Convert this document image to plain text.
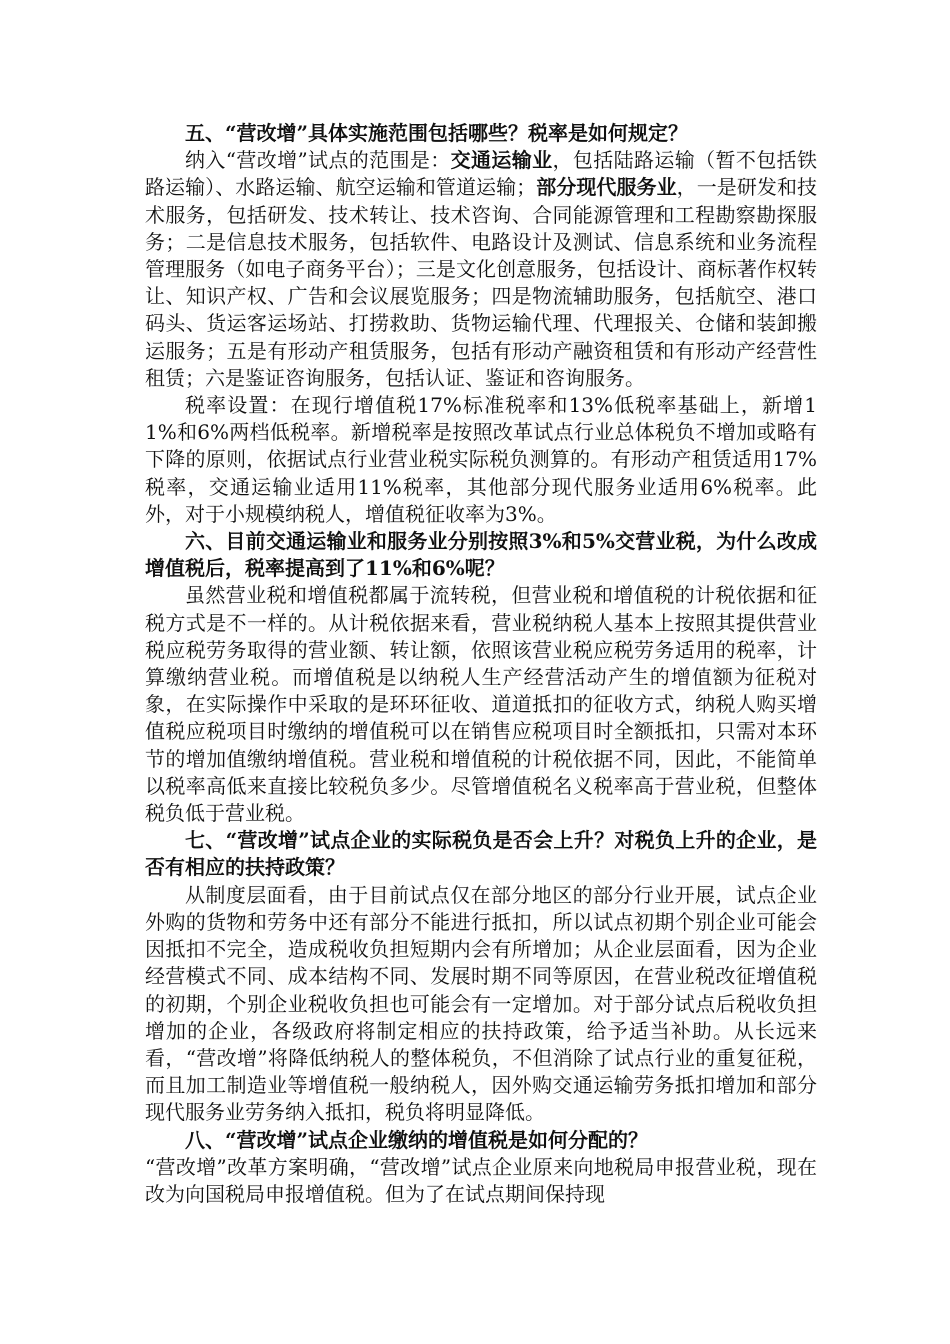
五、“营改增”具体实施范围包括哪些？税率是如何规定？

纳入“营改增”试点的范围是：交通运输业，包括陆路运输（暂不包括铁路运输）、水路运输、航空运输和管道运输；部分现代服务业，一是研发和技术服务，包括研发、技术转让、技术咨询、合同能源管理和工程勘察勘探服务；二是信息技术服务，包括软件、电路设计及测试、信息系统和业务流程管理服务（如电子商务平台）；三是文化创意服务，包括设计、商标著作权转让、知识产权、广告和会议展览服务；四是物流辅助服务，包括航空、港口码头、货运客运场站、打捞救助、货物运输代理、代理报关、仓储和装卸搬运服务；五是有形动产租赁服务，包括有形动产融资租赁和有形动产经营性租赁；六是鉴证咨询服务，包括认证、鉴证和咨询服务。

税率设置：在现行增值税17%标准税率和13%低税率基础上，新增11%和6%两档低税率。新增税率是按照改革试点行业总体税负不增加或略有下降的原则，依据试点行业营业税实际税负测算的。有形动产租赁适用17%税率，交通运输业适用11%税率，其他部分现代服务业适用6%税率。此外，对于小规模纳税人，增值税征收率为3%。

六、目前交通运输业和服务业分别按照3%和5%交营业税，为什么改成增值税后，税率提高到了11%和6%呢？

虽然营业税和增值税都属于流转税，但营业税和增值税的计税依据和征税方式是不一样的。从计税依据来看，营业税纳税人基本上按照其提供营业税应税劳务取得的营业额、转让额，依照该营业税应税劳务适用的税率，计算缴纳营业税。而增值税是以纳税人生产经营活动产生的增值额为征税对象，在实际操作中采取的是环环征收、道道抵扣的征收方式，纳税人购买增值税应税项目时缴纳的增值税可以在销售应税项目时全额抵扣，只需对本环节的增加值缴纳增值税。营业税和增值税的计税依据不同，因此，不能简单以税率高低来直接比较税负多少。尽管增值税名义税率高于营业税，但整体税负低于营业税。

七、“营改增”试点企业的实际税负是否会上升？对税负上升的企业，是否有相应的扶持政策？

从制度层面看，由于目前试点仅在部分地区的部分行业开展，试点企业外购的货物和劳务中还有部分不能进行抵扣，所以试点初期个别企业可能会因抵扣不完全，造成税收负担短期内会有所增加；从企业层面看，因为企业经营模式不同、成本结构不同、发展时期不同等原因，在营业税改征增值税的初期，个别企业税收负担也可能会有一定增加。对于部分试点后税收负担增加的企业，各级政府将制定相应的扶持政策，给予适当补助。从长远来看，“营改增”将降低纳税人的整体税负，不但消除了试点行业的重复征税，而且加工制造业等增值税一般纳税人，因外购交通运输劳务抵扣增加和部分现代服务业劳务纳入抵扣，税负将明显降低。

八、“营改增”试点企业缴纳的增值税是如何分配的？

“营改增”改革方案明确，“营改增”试点企业原来向地税局申报营业税，现在改为向国税局申报增值税。但为了在试点期间保持现
